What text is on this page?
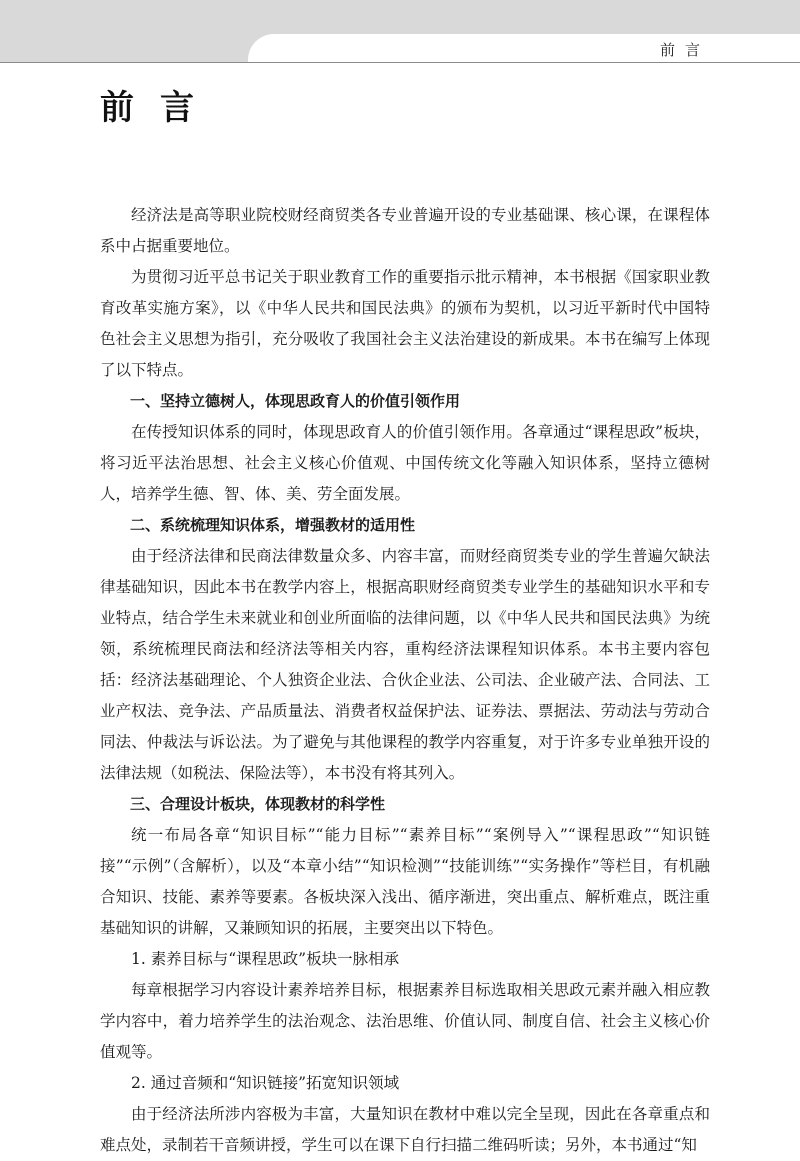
前言
前言

经济法是高等职业院校财经商贸类各专业普遍开设的专业基础课、核心课，在课程体系中占据重要地位。

为贯彻习近平总书记关于职业教育工作的重要指示批示精神，本书根据《国家职业教育改革实施方案》，以《中华人民共和国民法典》的颁布为契机，以习近平新时代中国特色社会主义思想为指引，充分吸收了我国社会主义法治建设的新成果。本书在编写上体现了以下特点。

一、坚持立德树人，体现思政育人的价值引领作用

在传授知识体系的同时，体现思政育人的价值引领作用。各章通过“课程思政”板块，将习近平法治思想、社会主义核心价值观、中国传统文化等融入知识体系，坚持立德树人，培养学生德、智、体、美、劳全面发展。

二、系统梳理知识体系，增强教材的适用性

由于经济法律和民商法律数量众多、内容丰富，而财经商贸类专业的学生普遍欠缺法律基础知识，因此本书在教学内容上，根据高职财经商贸类专业学生的基础知识水平和专业特点，结合学生未来就业和创业所面临的法律问题，以《中华人民共和国民法典》为统领，系统梳理民商法和经济法等相关内容，重构经济法课程知识体系。本书主要内容包括：经济法基础理论、个人独资企业法、合伙企业法、公司法、企业破产法、合同法、工业产权法、竞争法、产品质量法、消费者权益保护法、证券法、票据法、劳动法与劳动合同法、仲裁法与诉讼法。为了避免与其他课程的教学内容重复，对于许多专业单独开设的法律法规（如税法、保险法等），本书没有将其列入。

三、合理设计板块，体现教材的科学性

统一布局各章“知识目标”“能力目标”“素养目标”“案例导入”“课程思政”“知识链接”“示例”（含解析），以及“本章小结”“知识检测”“技能训练”“实务操作”等栏目，有机融合知识、技能、素养等要素。各板块深入浅出、循序渐进，突出重点、解析难点，既注重基础知识的讲解，又兼顾知识的拓展，主要突出以下特色。

1. 素养目标与“课程思政”板块一脉相承

每章根据学习内容设计素养培养目标，根据素养目标选取相关思政元素并融入相应教学内容中，着力培养学生的法治观念、法治思维、价值认同、制度自信、社会主义核心价值观等。

2. 通过音频和“知识链接”拓宽知识领域

由于经济法所涉内容极为丰富，大量知识在教材中难以完全呈现，因此在各章重点和难点处，录制若干音频讲授，学生可以在课下自行扫描二维码听读；另外，本书通过“知
